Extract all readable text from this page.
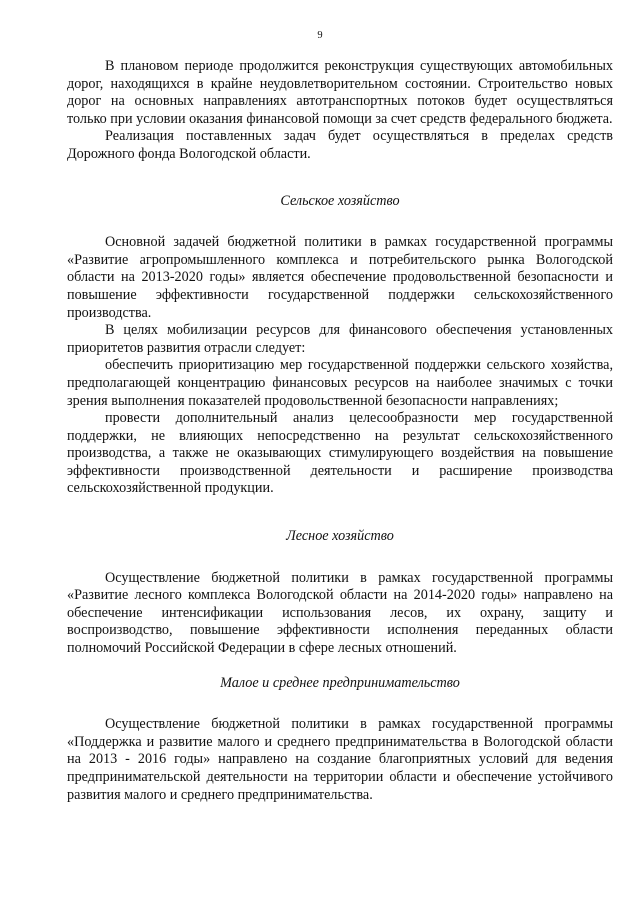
9

В плановом периоде продолжится реконструкция существующих автомобильных дорог, находящихся в крайне неудовлетворительном состоянии. Строительство новых дорог на основных направлениях автотранспортных потоков будет осуществляться только при условии оказания финансовой помощи за счет средств федерального бюджета.

Реализация поставленных задач будет осуществляться в пределах средств Дорожного фонда Вологодской области.

Сельское хозяйство

Основной задачей бюджетной политики в рамках государственной программы «Развитие агропромышленного комплекса и потребительского рынка Вологодской области на 2013-2020 годы» является обеспечение продовольственной безопасности и повышение эффективности государственной поддержки сельскохозяйственного производства.

В целях мобилизации ресурсов для финансового обеспечения установленных приоритетов развития отрасли следует:

обеспечить приоритизацию мер государственной поддержки сельского хозяйства, предполагающей концентрацию финансовых ресурсов на наиболее значимых с точки зрения выполнения показателей продовольственной безопасности направлениях;

провести дополнительный анализ целесообразности мер государственной поддержки, не влияющих непосредственно на результат сельскохозяйственного производства, а также не оказывающих стимулирующего воздействия на повышение эффективности производственной деятельности и расширение производства сельскохозяйственной продукции.

Лесное хозяйство

Осуществление бюджетной политики в рамках государственной программы «Развитие лесного комплекса Вологодской области на 2014-2020 годы» направлено на обеспечение интенсификации использования лесов, их охрану, защиту и воспроизводство, повышение эффективности исполнения переданных области полномочий Российской Федерации в сфере лесных отношений.

Малое и среднее предпринимательство

Осуществление бюджетной политики в рамках государственной программы «Поддержка и развитие малого и среднего предпринимательства в Вологодской области на 2013 - 2016 годы» направлено на создание благоприятных условий для ведения предпринимательской деятельности на территории области и обеспечение устойчивого развития малого и среднего предпринимательства.
